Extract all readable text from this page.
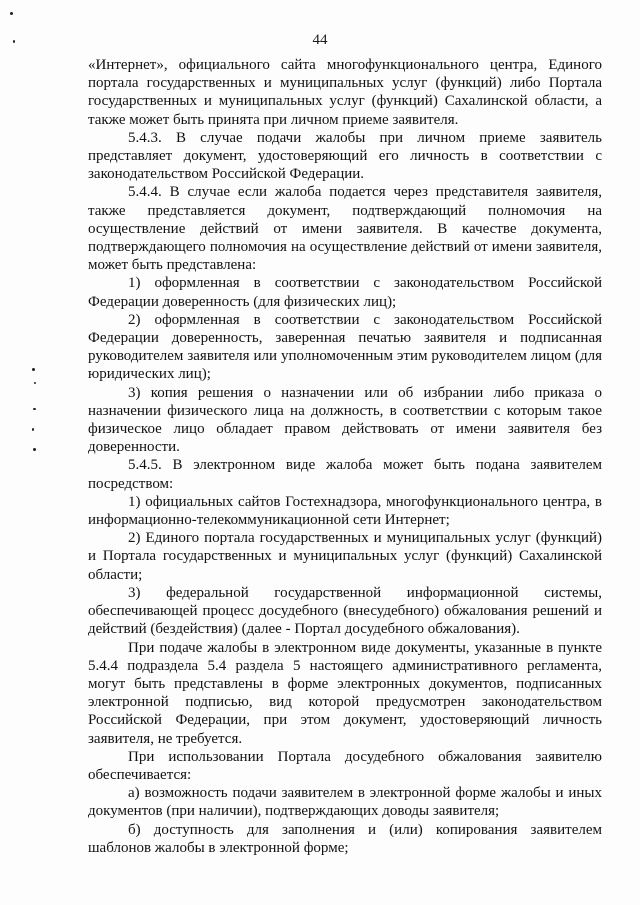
44

«Интернет», официального сайта многофункционального центра, Единого портала государственных и муниципальных услуг (функций) либо Портала государственных и муниципальных услуг (функций) Сахалинской области, а также может быть принята при личном приеме заявителя.

5.4.3. В случае подачи жалобы при личном приеме заявитель представляет документ, удостоверяющий его личность в соответствии с законодательством Российской Федерации.

5.4.4. В случае если жалоба подается через представителя заявителя, также представляется документ, подтверждающий полномочия на осуществление действий от имени заявителя. В качестве документа, подтверждающего полномочия на осуществление действий от имени заявителя, может быть представлена:

1) оформленная в соответствии с законодательством Российской Федерации доверенность (для физических лиц);

2) оформленная в соответствии с законодательством Российской Федерации доверенность, заверенная печатью заявителя и подписанная руководителем заявителя или уполномоченным этим руководителем лицом (для юридических лиц);

3) копия решения о назначении или об избрании либо приказа о назначении физического лица на должность, в соответствии с которым такое физическое лицо обладает правом действовать от имени заявителя без доверенности.

5.4.5. В электронном виде жалоба может быть подана заявителем посредством:

1) официальных сайтов Гостехнадзора, многофункционального центра, в информационно-телекоммуникационной сети Интернет;

2) Единого портала государственных и муниципальных услуг (функций) и Портала государственных и муниципальных услуг (функций) Сахалинской области;

3) федеральной государственной информационной системы, обеспечивающей процесс досудебного (внесудебного) обжалования решений и действий (бездействия) (далее - Портал досудебного обжалования).

При подаче жалобы в электронном виде документы, указанные в пункте 5.4.4 подраздела 5.4 раздела 5 настоящего административного регламента, могут быть представлены в форме электронных документов, подписанных электронной подписью, вид которой предусмотрен законодательством Российской Федерации, при этом документ, удостоверяющий личность заявителя, не требуется.

При использовании Портала досудебного обжалования заявителю обеспечивается:

а) возможность подачи заявителем в электронной форме жалобы и иных документов (при наличии), подтверждающих доводы заявителя;

б) доступность для заполнения и (или) копирования заявителем шаблонов жалобы в электронной форме;
